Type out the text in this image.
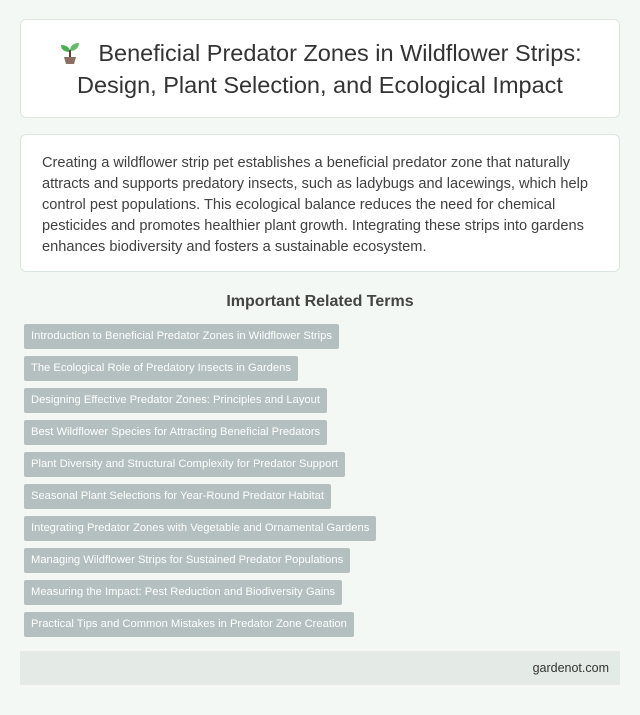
Beneficial Predator Zones in Wildflower Strips: Design, Plant Selection, and Ecological Impact

Creating a wildflower strip pet establishes a beneficial predator zone that naturally attracts and supports predatory insects, such as ladybugs and lacewings, which help control pest populations. This ecological balance reduces the need for chemical pesticides and promotes healthier plant growth. Integrating these strips into gardens enhances biodiversity and fosters a sustainable ecosystem.

Important Related Terms
Introduction to Beneficial Predator Zones in Wildflower Strips
The Ecological Role of Predatory Insects in Gardens
Designing Effective Predator Zones: Principles and Layout
Best Wildflower Species for Attracting Beneficial Predators
Plant Diversity and Structural Complexity for Predator Support
Seasonal Plant Selections for Year-Round Predator Habitat
Integrating Predator Zones with Vegetable and Ornamental Gardens
Managing Wildflower Strips for Sustained Predator Populations
Measuring the Impact: Pest Reduction and Biodiversity Gains
Practical Tips and Common Mistakes in Predator Zone Creation
gardenot.com
